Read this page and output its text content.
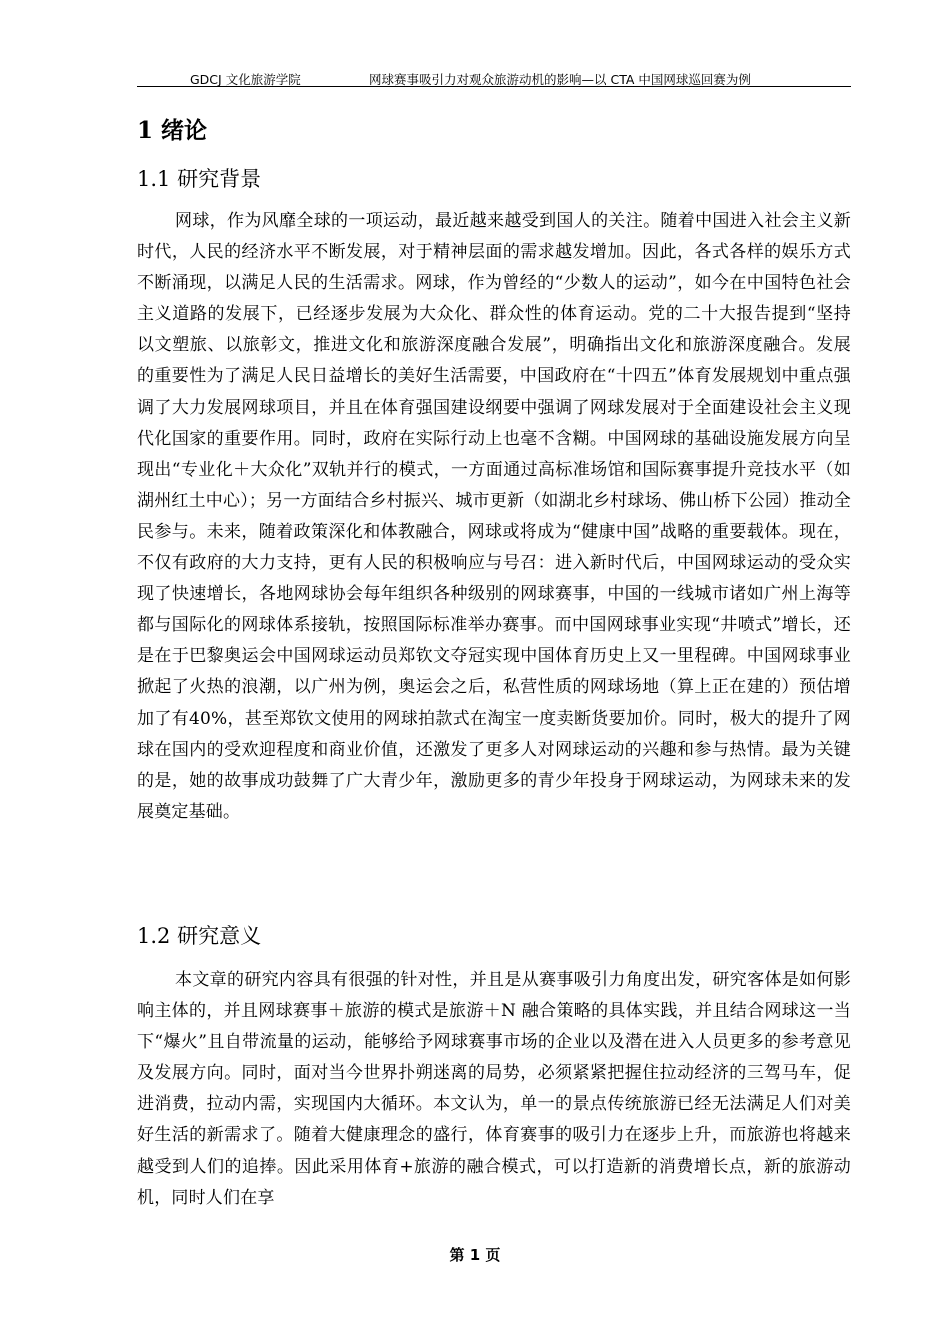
GDCJ 文化旅游学院	网球赛事吸引力对观众旅游动机的影响—以 CTA 中国网球巡回赛为例
1 绪论
1.1 研究背景

网球，作为风靡全球的一项运动，最近越来越受到国人的关注。随着中国进入社会主义新时代，人民的经济水平不断发展，对于精神层面的需求越发增加。因此，各式各样的娱乐方式不断涌现，以满足人民的生活需求。网球，作为曾经的“少数人的运动”，如今在中国特色社会主义道路的发展下，已经逐步发展为大众化、群众性的体育运动。党的二十大报告提到“坚持以文塑旅、以旅彰文，推进文化和旅游深度融合发展”，明确指出文化和旅游深度融合。发展的重要性为了满足人民日益增长的美好生活需要，中国政府在“十四五”体育发展规划中重点强调了大力发展网球项目，并且在体育强国建设纲要中强调了网球发展对于全面建设社会主义现代化国家的重要作用。同时，政府在实际行动上也毫不含糊。中国网球的基础设施发展方向呈现出“专业化＋大众化”双轨并行的模式，一方面通过高标准场馆和国际赛事提升竞技水平（如湖州红土中心）；另一方面结合乡村振兴、城市更新（如湖北乡村球场、佛山桥下公园）推动全民参与。未来，随着政策深化和体教融合，网球或将成为“健康中国”战略的重要载体。现在，不仅有政府的大力支持，更有人民的积极响应与号召：进入新时代后，中国网球运动的受众实现了快速增长，各地网球协会每年组织各种级别的网球赛事，中国的一线城市诸如广州上海等都与国际化的网球体系接轨，按照国际标准举办赛事。而中国网球事业实现“井喷式”增长，还是在于巴黎奥运会中国网球运动员郑钦文夺冠实现中国体育历史上又一里程碑。中国网球事业掀起了火热的浪潮，以广州为例，奥运会之后，私营性质的网球场地（算上正在建的）预估增加了有40%，甚至郑钦文使用的网球拍款式在淘宝一度卖断货要加价。同时，极大的提升了网球在国内的受欢迎程度和商业价值，还激发了更多人对网球运动的兴趣和参与热情。最为关键的是，她的故事成功鼓舞了广大青少年，激励更多的青少年投身于网球运动，为网球未来的发展奠定基础。

1.2 研究意义

本文章的研究内容具有很强的针对性，并且是从赛事吸引力角度出发，研究客体是如何影响主体的，并且网球赛事＋旅游的模式是旅游＋N 融合策略的具体实践，并且结合网球这一当下“爆火”且自带流量的运动，能够给予网球赛事市场的企业以及潜在进入人员更多的参考意见及发展方向。同时，面对当今世界扑朔迷离的局势，必须紧紧把握住拉动经济的三驾马车，促进消费，拉动内需，实现国内大循环。本文认为，单一的景点传统旅游已经无法满足人们对美好生活的新需求了。随着大健康理念的盛行，体育赛事的吸引力在逐步上升，而旅游也将越来越受到人们的追捧。因此采用体育+旅游的融合模式，可以打造新的消费增长点，新的旅游动机，同时人们在享

第 1 页
